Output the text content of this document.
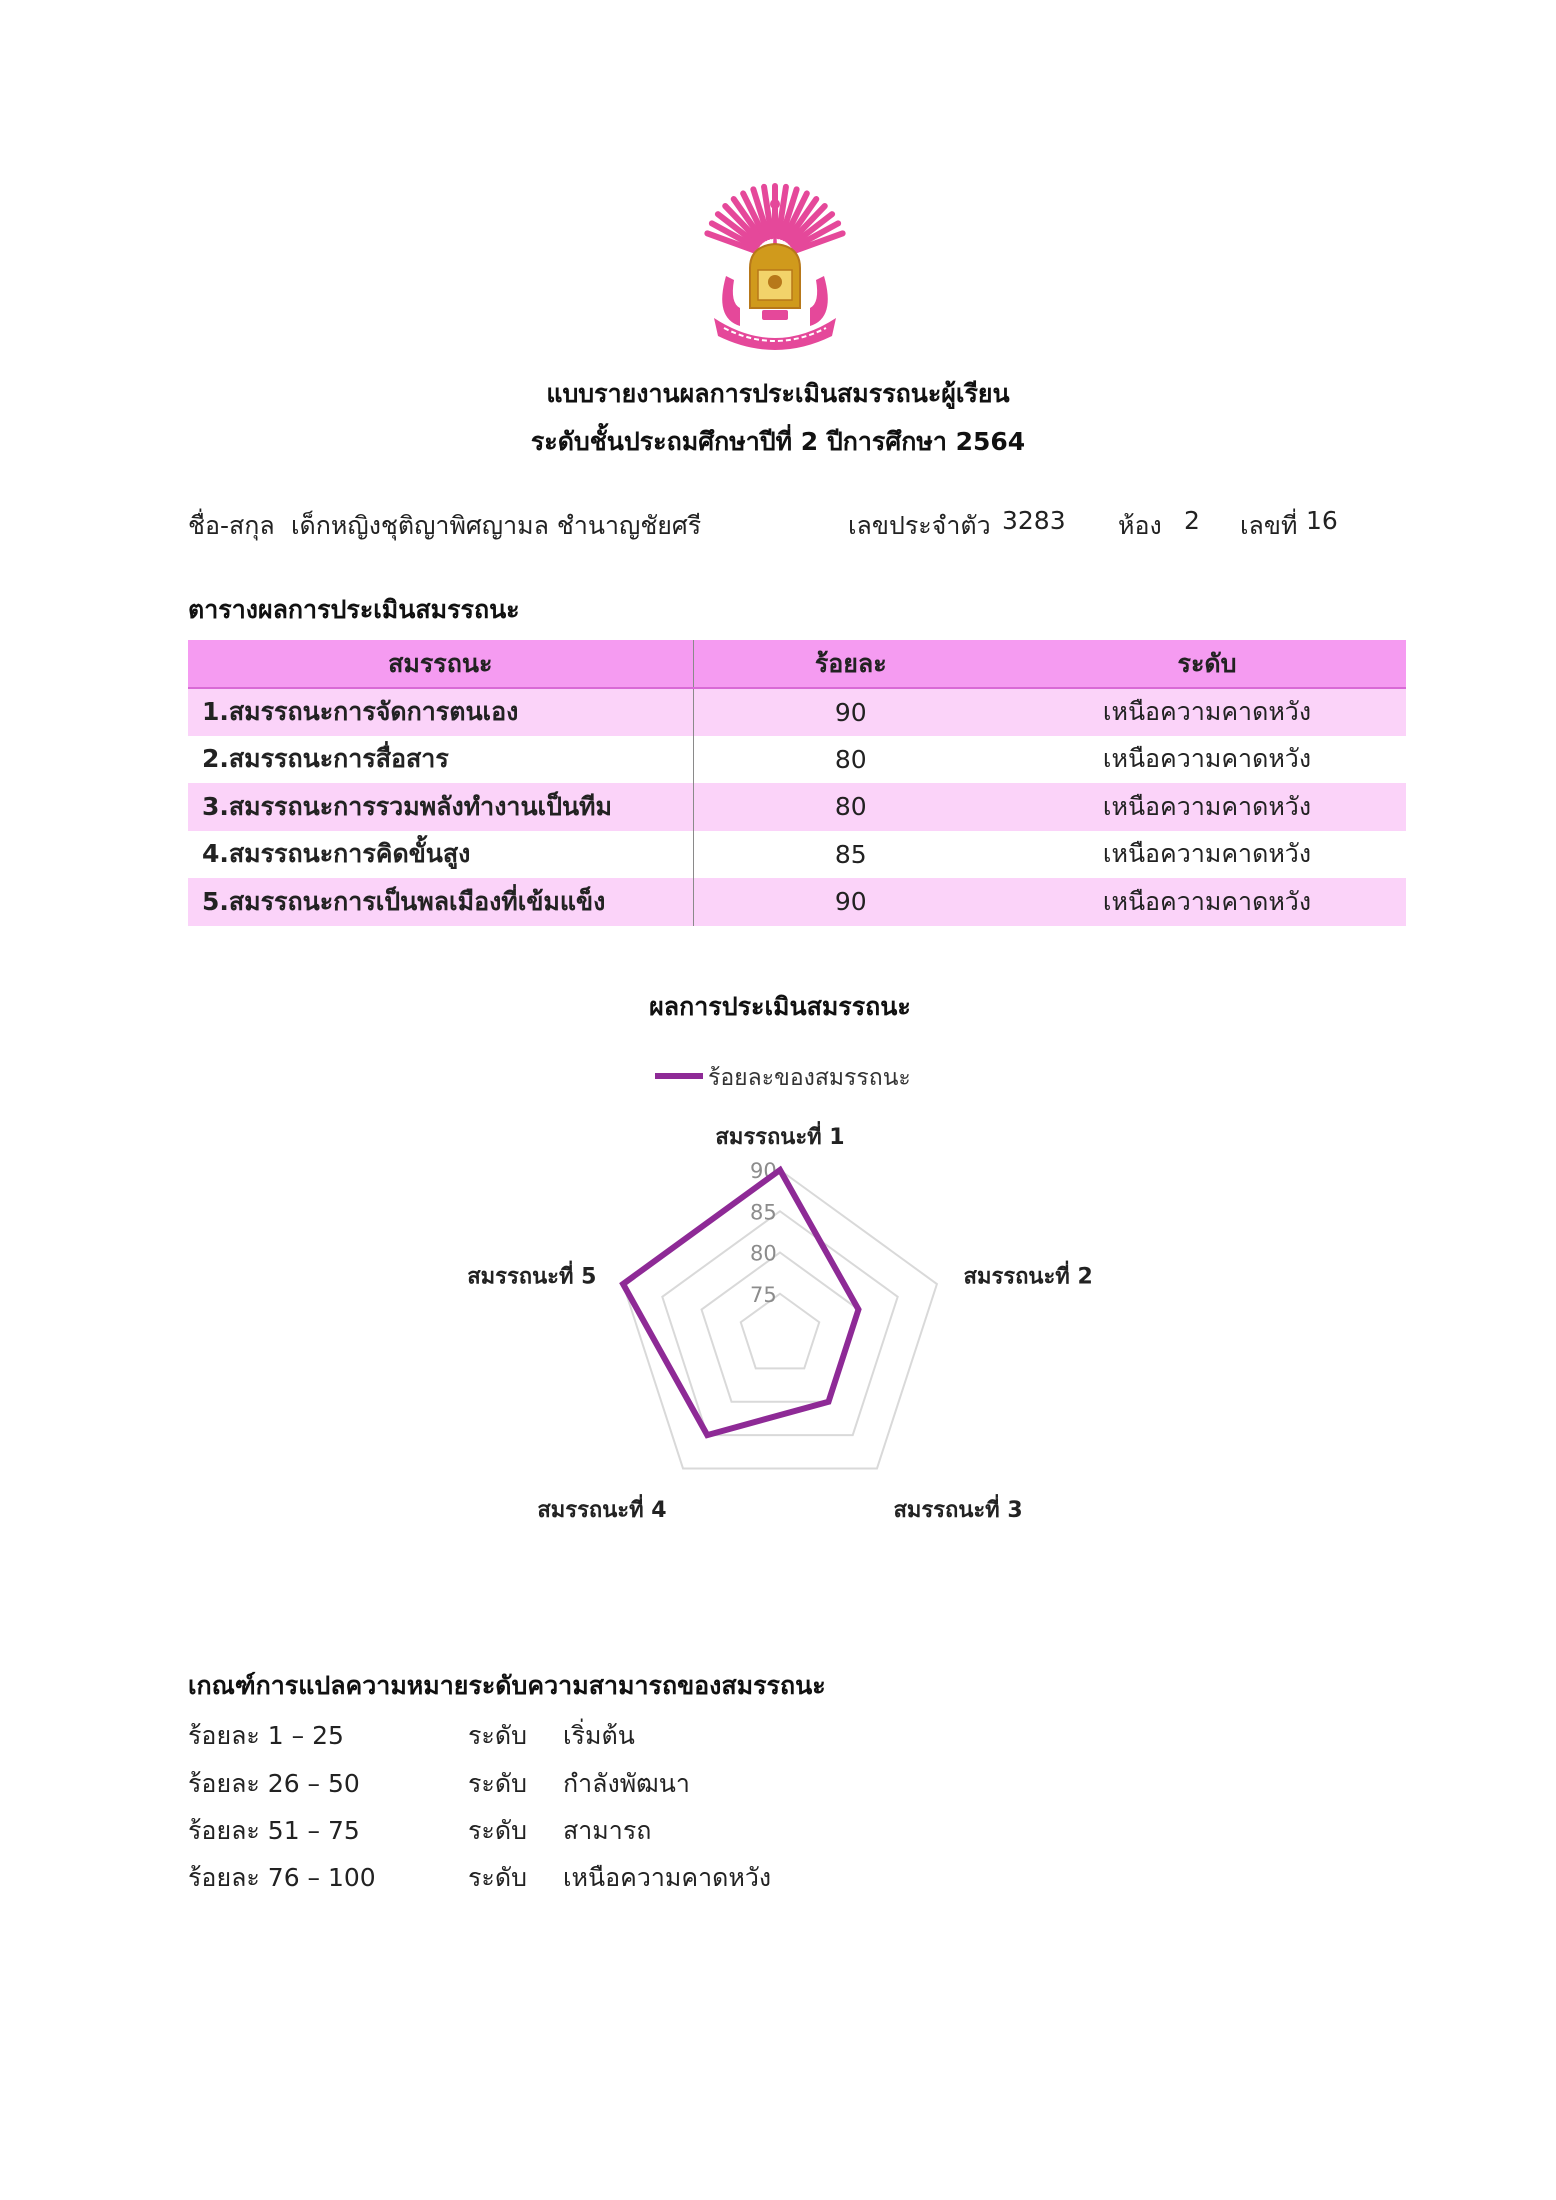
แบบรายงานผลการประเมินสมรรถนะผู้เรียน
ระดับชั้นประถมศึกษาปีที่ 2 ปีการศึกษา 2564
ชื่อ-สกุล เด็กหญิงชุติญาพิศญามล ชำนาญชัยศรี	เลขประจำตัว 3283 ห้อง 2 เลขที่ 16
ตารางผลการประเมินสมรรถนะ
สมรรถนะ	ร้อยละ	ระดับ
1.สมรรถนะการจัดการตนเอง	90	เหนือความคาดหวัง
2.สมรรถนะการสื่อสาร	80	เหนือความคาดหวัง
3.สมรรถนะการรวมพลังทำงานเป็นทีม	80	เหนือความคาดหวัง
4.สมรรถนะการคิดขั้นสูง	85	เหนือความคาดหวัง
5.สมรรถนะการเป็นพลเมืองที่เข้มแข็ง	90	เหนือความคาดหวัง
ผลการประเมินสมรรถนะ
ร้อยละของสมรรถนะ
75
80
85
90
สมรรถนะที่ 1
สมรรถนะที่ 2
สมรรถนะที่ 3
สมรรถนะที่ 4
สมรรถนะที่ 5
เกณฑ์การแปลความหมายระดับความสามารถของสมรรถนะ
ร้อยละ 1 – 25	ระดับ เริ่มต้น
ร้อยละ 26 – 50	ระดับ กำลังพัฒนา
ร้อยละ 51 – 75	ระดับ สามารถ
ร้อยละ 76 – 100	ระดับ เหนือความคาดหวัง
